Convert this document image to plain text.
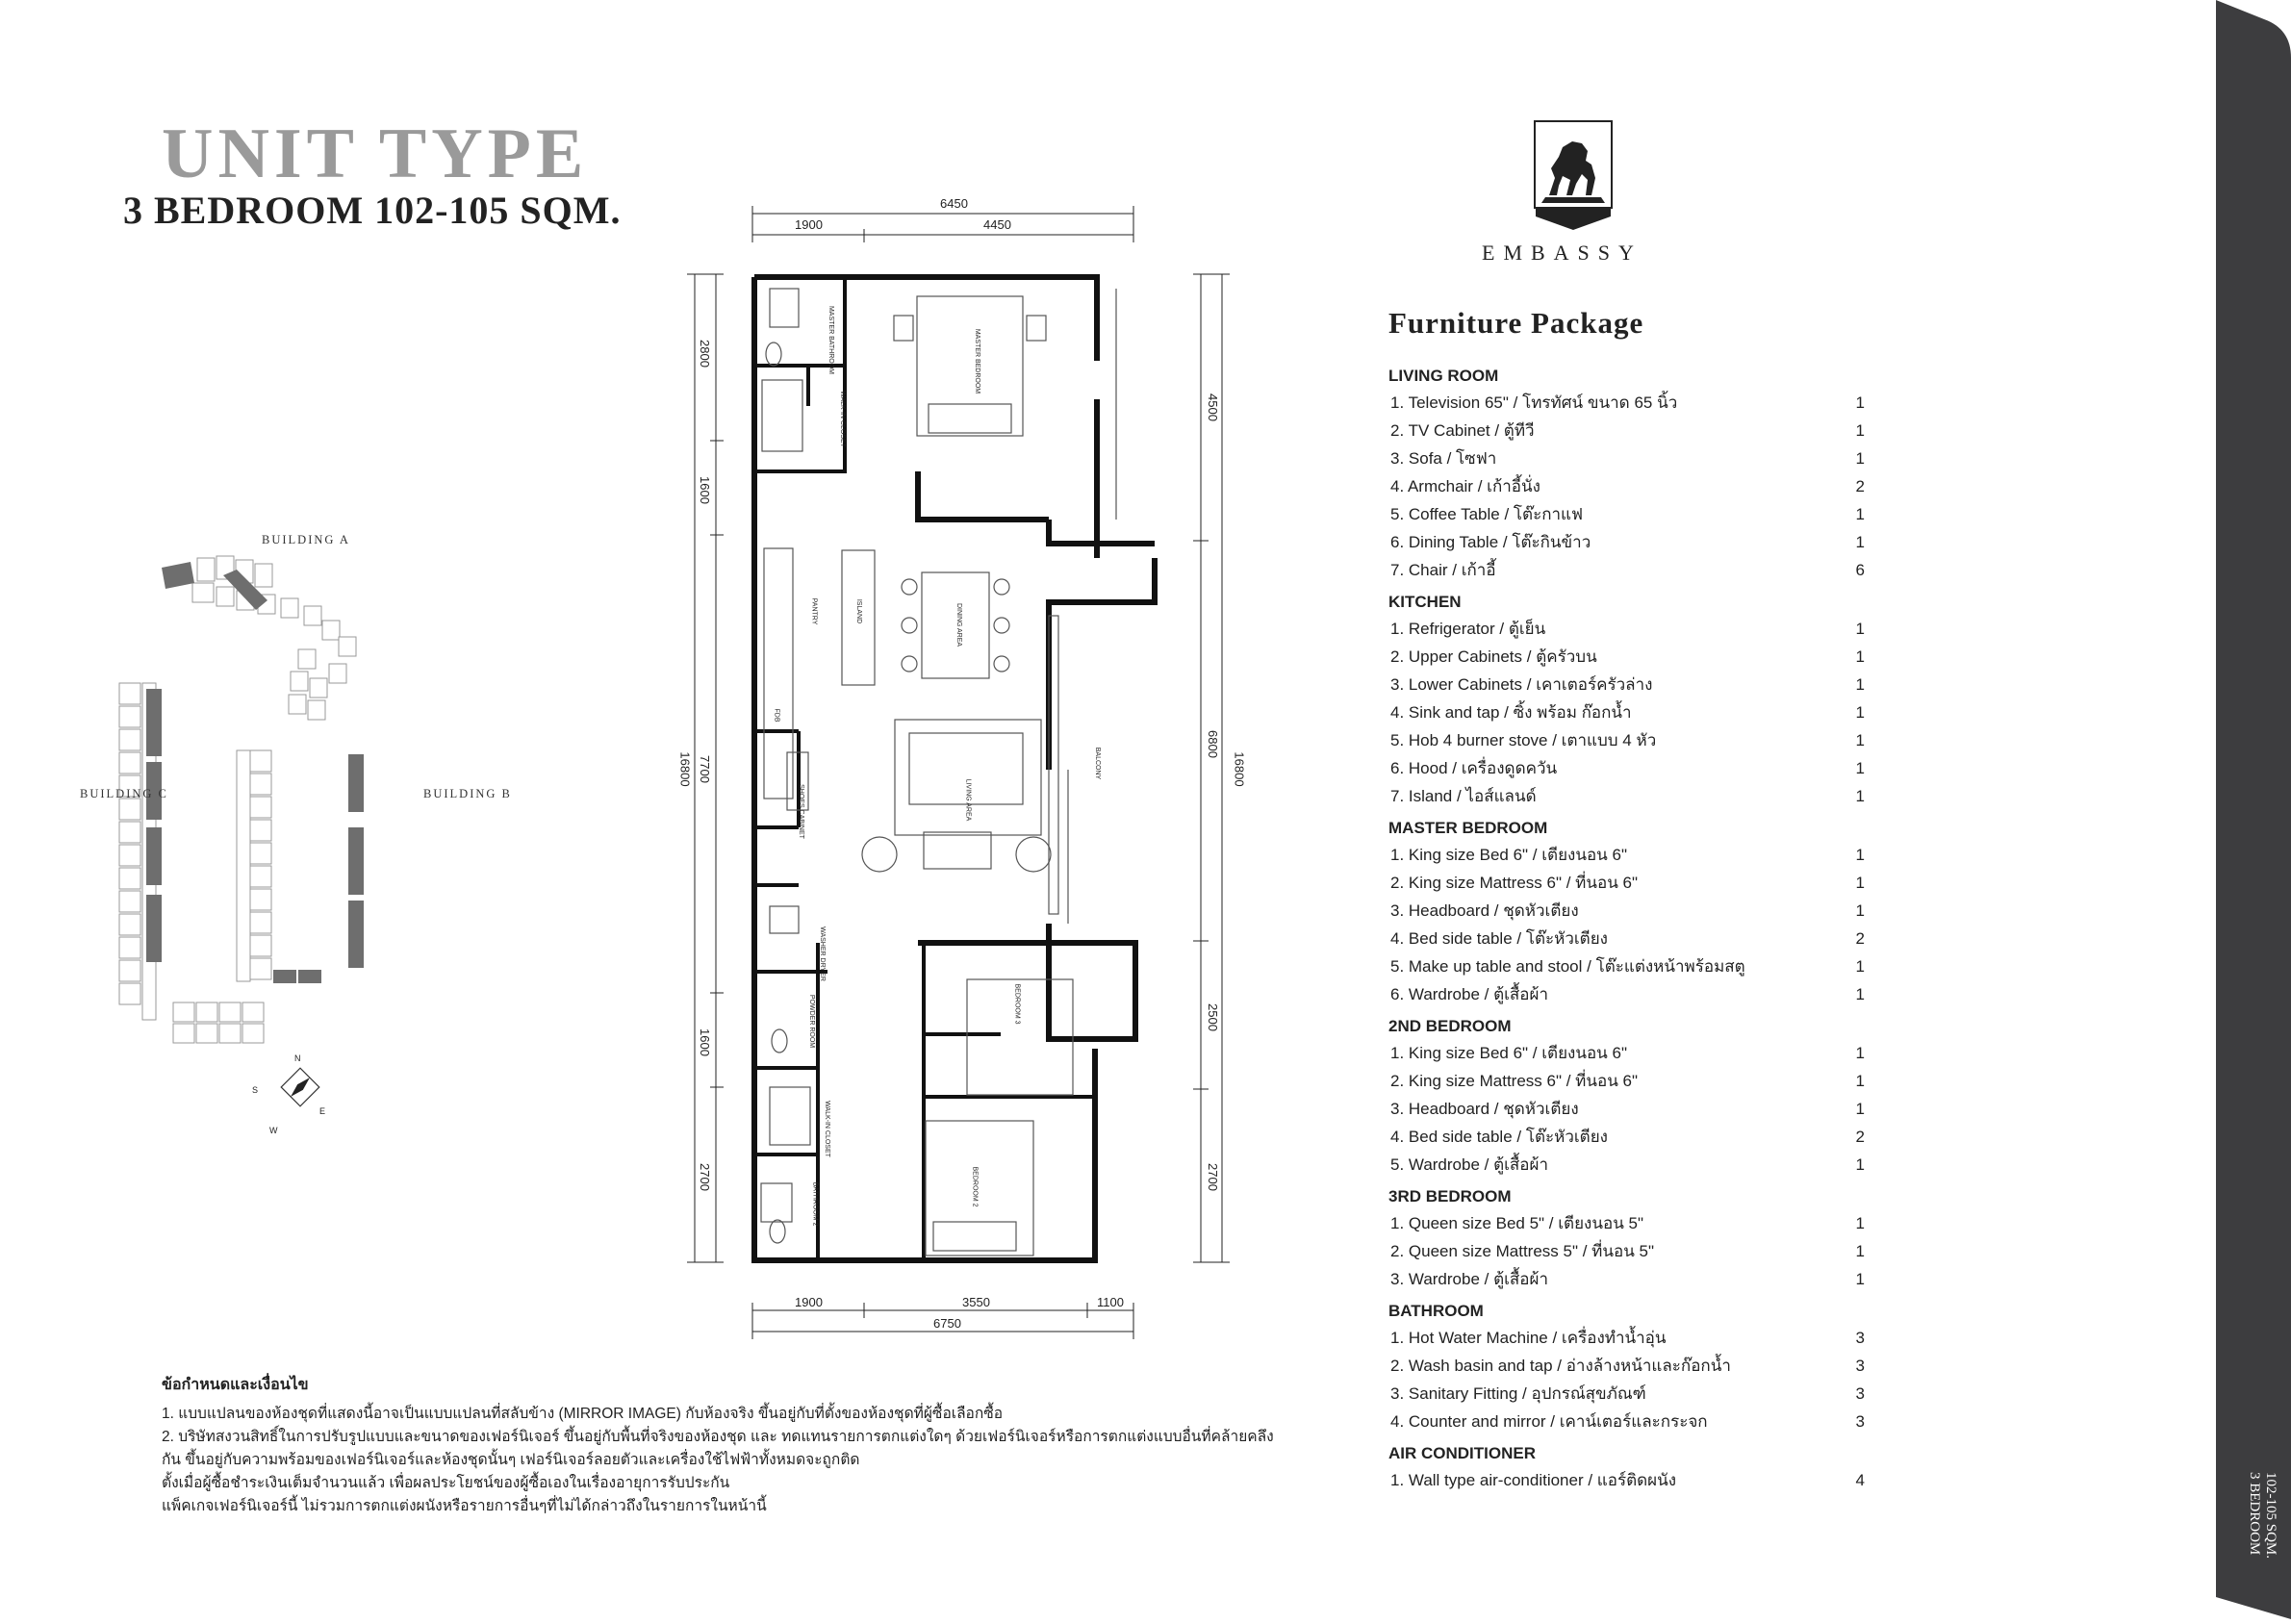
UNIT TYPE
3 BEDROOM 102-105 SQM.
EMBASSY
BUILDING A
BUILDING C	BUILDING B
N
S
E
W
6450
1900	4450
1900	3550	1100
6750
2800
1600
7700
1600
2700
16800
4500
6800
2500
2700
16800
MASTER BATHROOM
WALK-IN CLOSET
MASTER BEDROOM
PANTRY	ISLAND	DINING AREA
LIVING AREA
BALCONY
FDB
SHOES CABINET
WASHER DRYER
POWDER ROOM	BEDROOM 3
WALK-IN CLOSET
BATHROOM 2	BEDROOM 2
Furniture Package
LIVING ROOM
1. Television 65" / โทรทัศน์ ขนาด 65 นิ้ว	1
2. TV Cabinet / ตู้ทีวี	1
3. Sofa / โซฟา	1
4. Armchair / เก้าอี้นั่ง	2
5. Coffee Table / โต๊ะกาแฟ	1
6. Dining Table / โต๊ะกินข้าว	1
7. Chair / เก้าอี้	6
KITCHEN
1. Refrigerator / ตู้เย็น	1
2. Upper Cabinets / ตู้ครัวบน	1
3. Lower Cabinets / เคาเตอร์ครัวล่าง	1
4. Sink and tap / ซิ้ง พร้อม ก๊อกน้ำ	1
5. Hob 4 burner stove / เตาแบบ 4 หัว	1
6. Hood / เครื่องดูดควัน	1
7. Island / ไอส์แลนด์	1
MASTER BEDROOM
1. King size Bed 6" / เตียงนอน 6"	1
2. King size Mattress 6" / ที่นอน 6"	1
3. Headboard / ชุดหัวเตียง	1
4. Bed side table / โต๊ะหัวเตียง	2
5. Make up table and stool / โต๊ะแต่งหน้าพร้อมสตู	1
6. Wardrobe / ตู้เสื้อผ้า	1
2ND BEDROOM
1. King size Bed 6" / เตียงนอน 6"	1
2. King size Mattress 6" / ที่นอน 6"	1
3. Headboard / ชุดหัวเตียง	1
4. Bed side table / โต๊ะหัวเตียง	2
5. Wardrobe / ตู้เสื้อผ้า	1
3RD BEDROOM
1. Queen size Bed 5" / เตียงนอน 5"	1
2. Queen size Mattress 5" / ที่นอน 5"	1
3. Wardrobe / ตู้เสื้อผ้า	1
BATHROOM
1. Hot Water Machine / เครื่องทำน้ำอุ่น	3
2. Wash basin and tap / อ่างล้างหน้าและก๊อกน้ำ	3
3. Sanitary Fitting / อุปกรณ์สุขภัณฑ์	3
4. Counter and mirror / เคาน์เตอร์และกระจก	3
AIR CONDITIONER
1. Wall type air-conditioner / แอร์ติดผนัง	4
ข้อกำหนดและเงื่อนไข
1. แบบแปลนของห้องชุดที่แสดงนี้อาจเป็นแบบแปลนที่สลับข้าง (MIRROR IMAGE) กับห้องจริง ขึ้นอยู่กับที่ตั้งของห้องชุดที่ผู้ซื้อเลือกซื้อ
2. บริษัทสงวนสิทธิ์ในการปรับรูปแบบและขนาดของเฟอร์นิเจอร์ ขึ้นอยู่กับพื้นที่จริงของห้องชุด และ ทดแทนรายการตกแต่งใดๆ ด้วยเฟอร์นิเจอร์หรือการตกแต่งแบบอื่นที่คล้ายคลึง
กัน ขึ้นอยู่กับความพร้อมของเฟอร์นิเจอร์และห้องชุดนั้นๆ เฟอร์นิเจอร์ลอยตัวและเครื่องใช้ไฟฟ้าทั้งหมดจะถูกติด
ตั้งเมื่อผู้ซื้อชำระเงินเต็มจำนวนแล้ว เพื่อผลประโยชน์ของผู้ซื้อเองในเรื่องอายุการรับประกัน
แพ็คเกจเฟอร์นิเจอร์นี้ ไม่รวมการตกแต่งผนังหรือรายการอื่นๆที่ไม่ได้กล่าวถึงในรายการในหน้านี้	102-105 SQM.
3 BEDROOM
